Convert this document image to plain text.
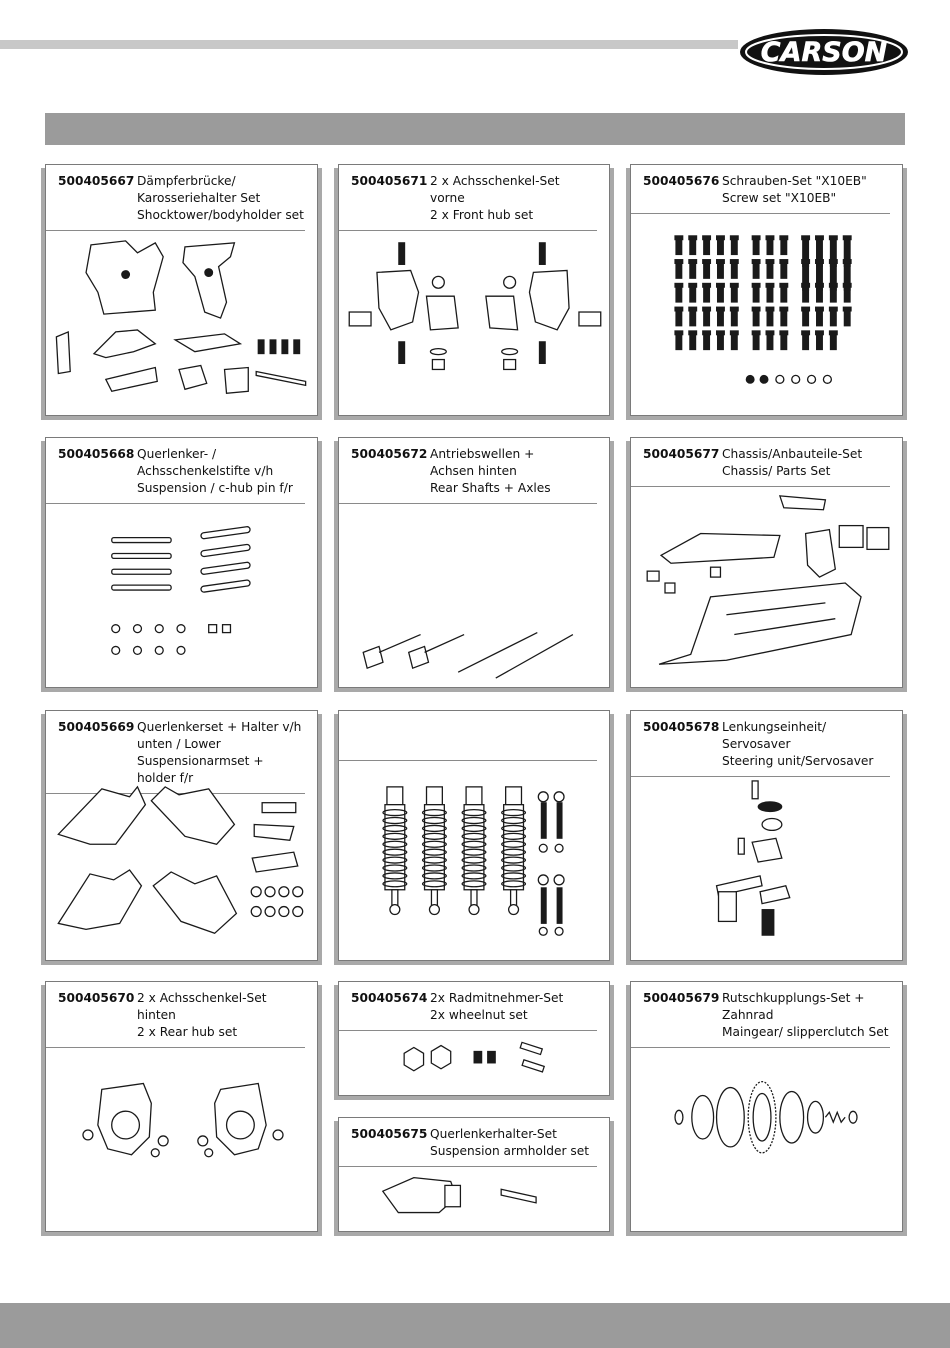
CARSON
500405667 Dämpferbrücke/
Karosseriehalter Set
Shocktower/bodyholder set
500405671 2 x Achsschenkel-Set vorne
2 x Front hub set
500405676 Schrauben-Set "X10EB"
Screw set "X10EB"
500405668 Querlenker- /
Achsschenkelstifte v/h
Suspension / c-hub pin f/r
500405672 Antriebswellen +
Achsen hinten
Rear Shafts + Axles
500405677 Chassis/Anbauteile-Set
Chassis/ Parts Set
500405669 Querlenkerset + Halter v/h
unten / Lower
Suspensionarmset + holder f/r
500405678 Lenkungseinheit/
Servosaver
Steering unit/Servosaver
500405670 2 x Achsschenkel-Set hinten
2 x Rear hub set
500405674 2x Radmitnehmer-Set
2x wheelnut set
500405679 Rutschkupplungs-Set +
Zahnrad
Maingear/ slipperclutch Set
500405675 Querlenkerhalter-Set
Suspension armholder set
